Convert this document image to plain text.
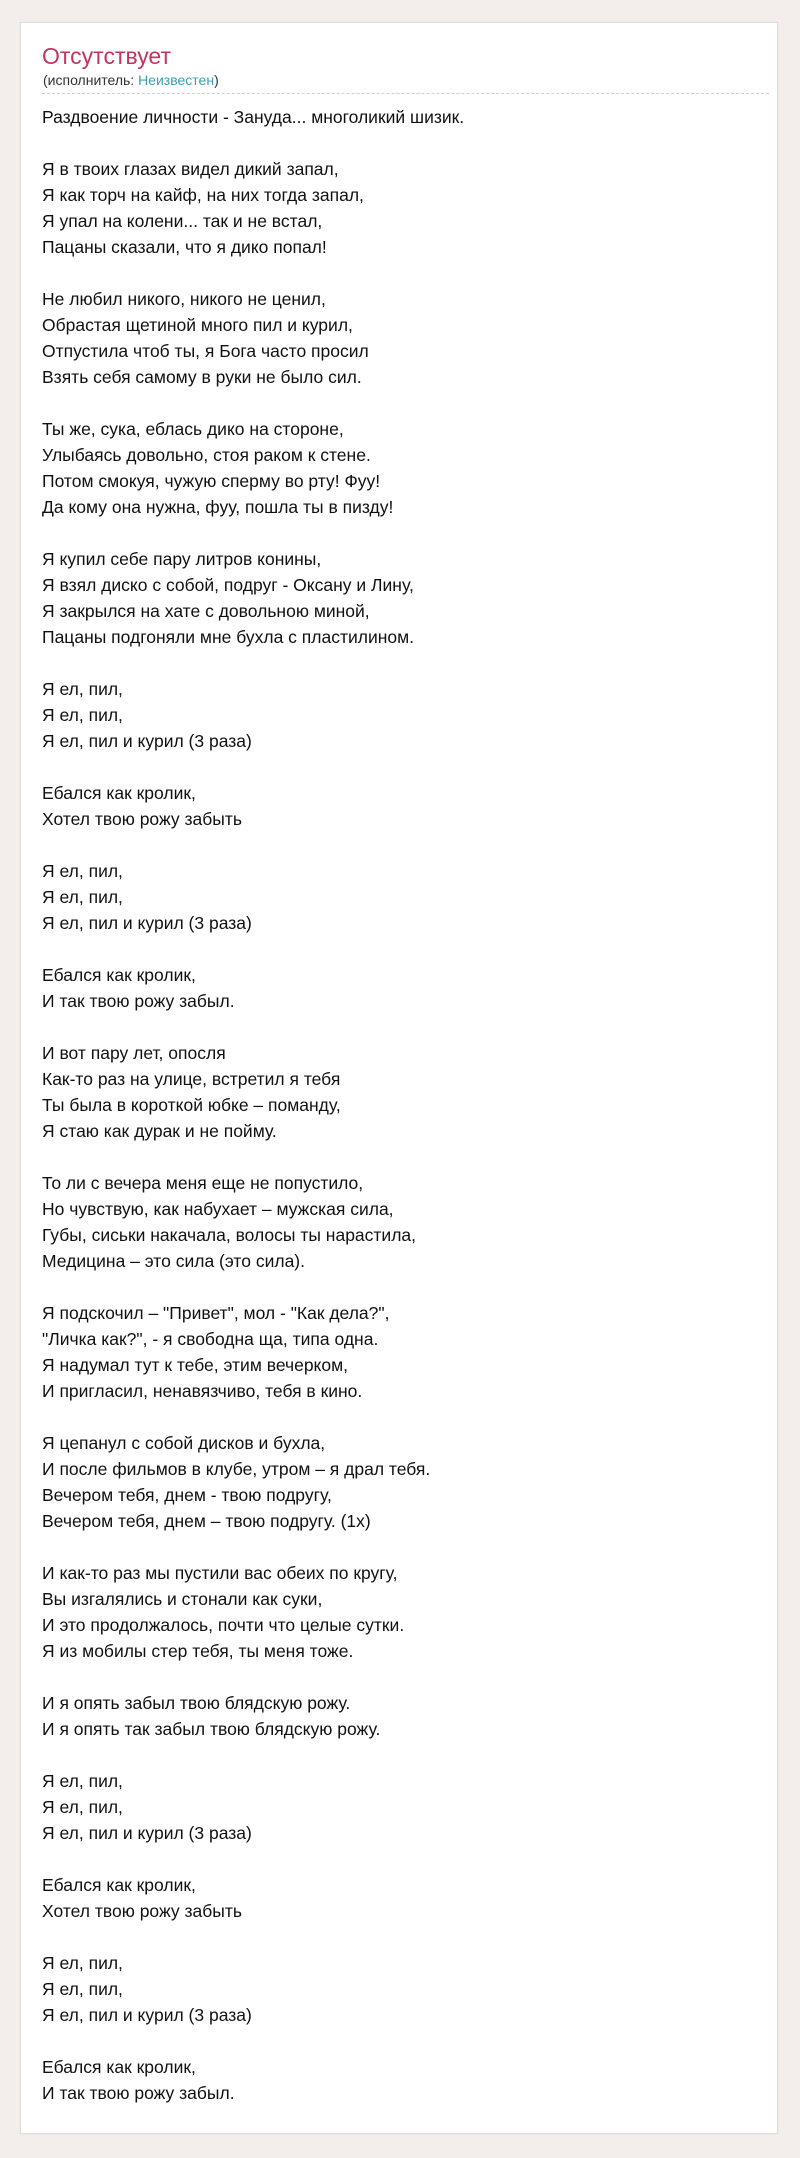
Отсутствует
(исполнитель: Неизвестен)
Раздвоение личности - Зануда... многоликий шизик.
Я в твоих глазах видел дикий запал,
Я как торч на кайф, на них тогда запал,
Я упал на колени... так и не встал,
Пацаны сказали, что я дико попал!
Не любил никого, никого не ценил,
Обрастая щетиной много пил и курил,
Отпустила чтоб ты, я Бога часто просил
Взять себя самому в руки не было сил.
Ты же, сука, еблась дико на стороне,
Улыбаясь довольно, стоя раком к стене.
Потом смокуя, чужую сперму во рту! Фуу!
Да кому она нужна, фуу, пошла ты в пизду!
Я купил себе пару литров конины,
Я взял диско с собой, подруг - Оксану и Лину,
Я закрылся на хате с довольною миной,
Пацаны подгоняли мне бухла с пластилином.
Я ел, пил,
Я ел, пил,
Я ел, пил и курил (3 раза)
Ебался как кролик,
Хотел твою рожу забыть
Я ел, пил,
Я ел, пил,
Я ел, пил и курил (3 раза)
Ебался как кролик,
И так твою рожу забыл.
И вот пару лет, опосля
Как-то раз на улице, встретил я тебя
Ты была в короткой юбке – поманду,
Я стаю как дурак и не пойму.
То ли с вечера меня еще не попустило,
Но чувствую, как набухает – мужская сила,
Губы, сиськи накачала, волосы ты нарастила,
Медицина – это сила (это сила).
Я подскочил – "Привет", мол - "Как дела?",
"Личка как?", - я свободна ща, типа одна.
Я надумал тут к тебе, этим вечерком,
И пригласил, ненавязчиво, тебя в кино.
Я цепанул с собой дисков и бухла,
И после фильмов в клубе, утром – я драл тебя.
Вечером тебя, днем - твою подругу,
Вечером тебя, днем – твою подругу. (1х)
И как-то раз мы пустили вас обеих по кругу,
Вы изгалялись и стонали как суки,
И это продолжалось, почти что целые сутки.
Я из мобилы стер тебя, ты меня тоже.
И я опять забыл твою блядскую рожу.
И я опять так забыл твою блядскую рожу.
Я ел, пил,
Я ел, пил,
Я ел, пил и курил (3 раза)
Ебался как кролик,
Хотел твою рожу забыть
Я ел, пил,
Я ел, пил,
Я ел, пил и курил (3 раза)
Ебался как кролик,
И так твою рожу забыл.
